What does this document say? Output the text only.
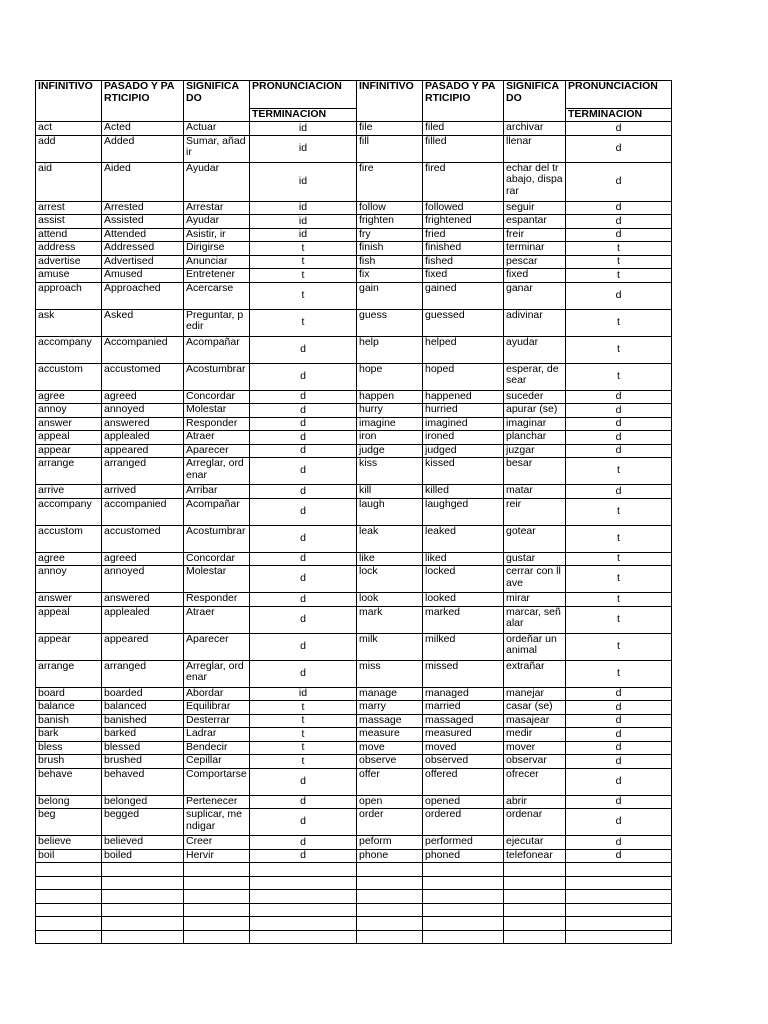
INFINITIVO	PASADO Y PARTICIPIO	SIGNIFICA DO	PRONUNCIACION	INFINITIVO	PASADO Y PARTICIPIO	SIGNIFICA DO	PRONUNCIACION
			TERMINACION				TERMINACION
act	Acted	Actuar	id	file	filed	archivar	d
add	Added	Sumar, añadir	id	fill	filled	llenar	d
aid	Aided	Ayudar	id	fire	fired	echar del trabajo, disparar	d
arrest	Arrested	Arrestar	id	follow	followed	seguir	d
assist	Assisted	Ayudar	id	frighten	frightened	espantar	d
attend	Attended	Asistir, ir	id	fry	fried	freir	d
address	Addressed	Dirigirse	t	finish	finished	terminar	t
advertise	Advertised	Anunciar	t	fish	fished	pescar	t
amuse	Amused	Entretener	t	fix	fixed	fixed	t
approach	Approached	Acercarse	t	gain	gained	ganar	d
ask	Asked	Preguntar, pedir	t	guess	guessed	adivinar	t
accompany	Accompanied	Acompañar	d	help	helped	ayudar	t
accustom	accustomed	Acostumbrar	d	hope	hoped	esperar, desear	t
agree	agreed	Concordar	d	happen	happened	suceder	d
annoy	annoyed	Molestar	d	hurry	hurried	apurar (se)	d
answer	answered	Responder	d	imagine	imagined	imaginar	d
appeal	applealed	Atraer	d	iron	ironed	planchar	d
appear	appeared	Aparecer	d	judge	judged	juzgar	d
arrange	arranged	Arreglar, ordenar	d	kiss	kissed	besar	t
arrive	arrived	Arribar	d	kill	killed	matar	d
accompany	accompanied	Acompañar	d	laugh	laughged	reir	t
accustom	accustomed	Acostumbrar	d	leak	leaked	gotear	t
agree	agreed	Concordar	d	like	liked	gustar	t
annoy	annoyed	Molestar	d	lock	locked	cerrar con llave	t
answer	answered	Responder	d	look	looked	mirar	t
appeal	applealed	Atraer	d	mark	marked	marcar, señalar	t
appear	appeared	Aparecer	d	milk	milked	ordeñar un animal	t
arrange	arranged	Arreglar, ordenar	d	miss	missed	extrañar	t
board	boarded	Abordar	id	manage	managed	manejar	d
balance	balanced	Equilibrar	t	marry	married	casar (se)	d
banish	banished	Desterrar	t	massage	massaged	masajear	d
bark	barked	Ladrar	t	measure	measured	medir	d
bless	blessed	Bendecir	t	move	moved	mover	d
brush	brushed	Cepillar	t	observe	observed	observar	d
behave	behaved	Comportarse	d	offer	offered	ofrecer	d
belong	belonged	Pertenecer	d	open	opened	abrir	d
beg	begged	suplicar, mendigar	d	order	ordered	ordenar	d
believe	believed	Creer	d	peform	performed	ejecutar	d
boil	boiled	Hervir	d	phone	phoned	telefonear	d
